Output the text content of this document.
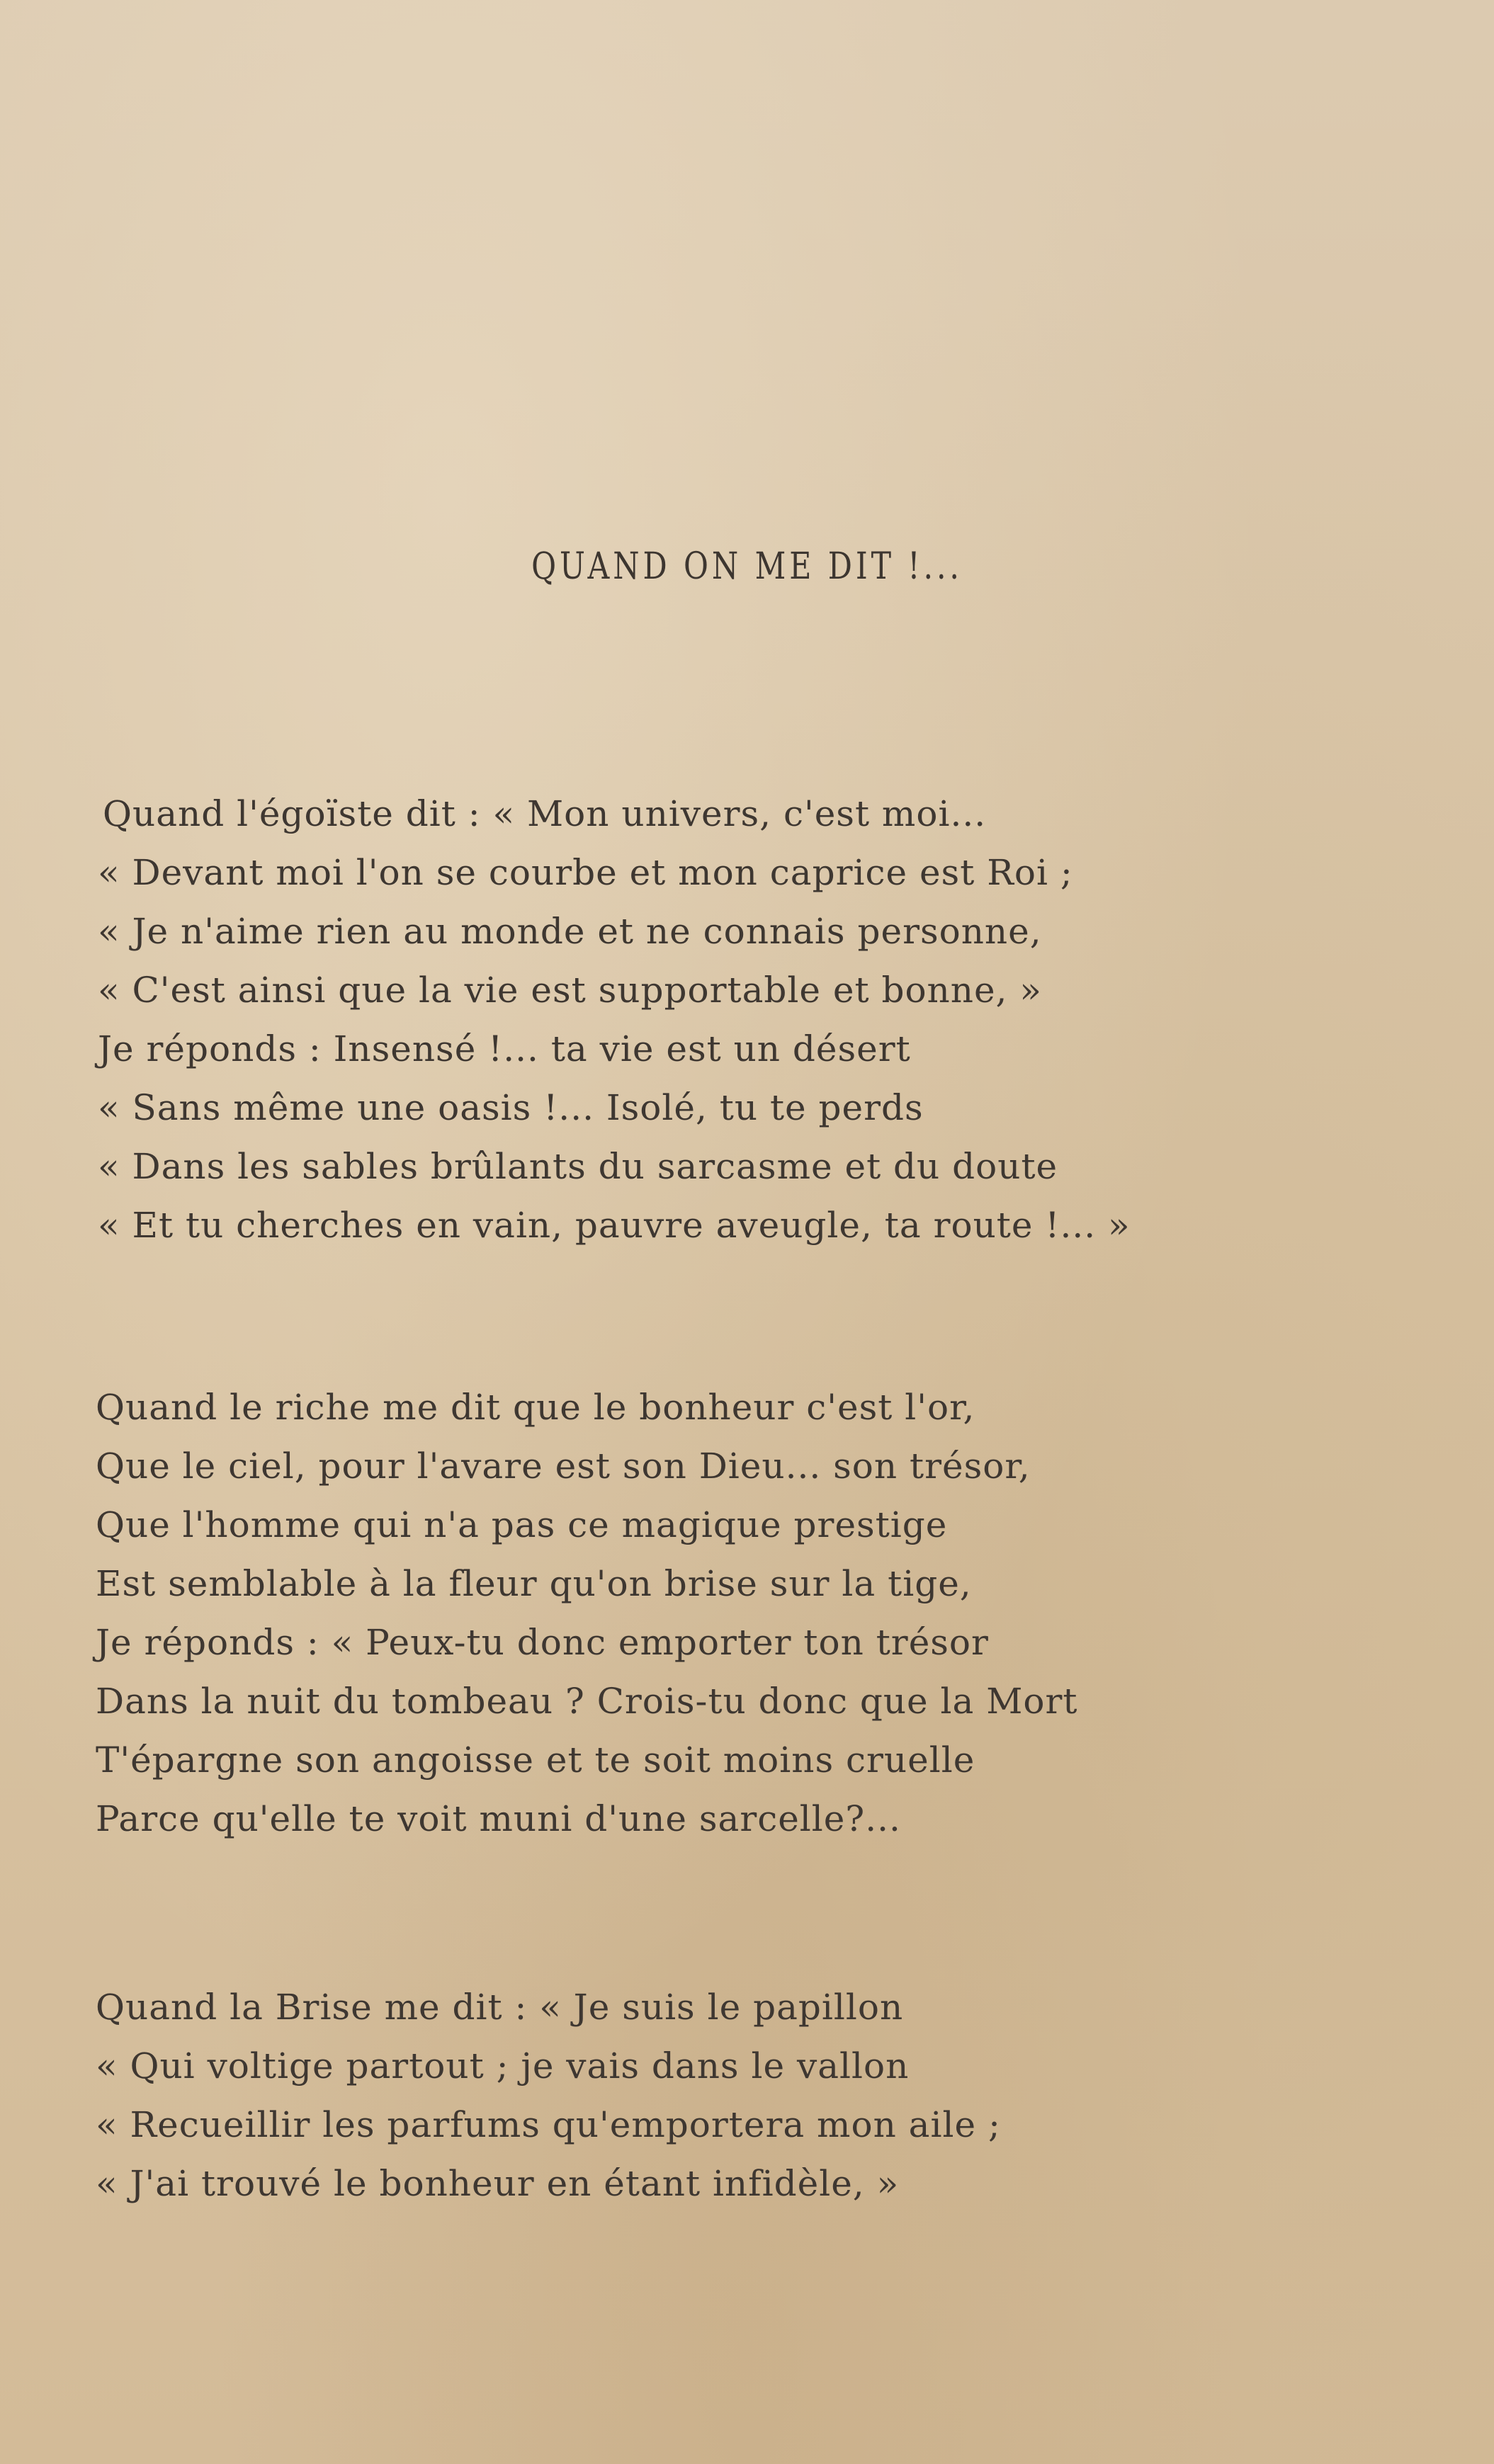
QUAND ON ME DIT !...
Quand l'égoïste dit : « Mon univers, c'est moi...
« Devant moi l'on se courbe et mon caprice est Roi ;
« Je n'aime rien au monde et ne connais personne,
« C'est ainsi que la vie est supportable et bonne, »
Je réponds : Insensé !... ta vie est un désert
« Sans même une oasis !... Isolé, tu te perds
« Dans les sables brûlants du sarcasme et du doute
« Et tu cherches en vain, pauvre aveugle, ta route !... »
Quand le riche me dit que le bonheur c'est l'or,
Que le ciel, pour l'avare est son Dieu... son trésor,
Que l'homme qui n'a pas ce magique prestige
Est semblable à la fleur qu'on brise sur la tige,
Je réponds : « Peux-tu donc emporter ton trésor
Dans la nuit du tombeau ? Crois-tu donc que la Mort
T'épargne son angoisse et te soit moins cruelle
Parce qu'elle te voit muni d'une sarcelle?...
Quand la Brise me dit : « Je suis le papillon
« Qui voltige partout ; je vais dans le vallon
« Recueillir les parfums qu'emportera mon aile ;
« J'ai trouvé le bonheur en étant infidèle, »
